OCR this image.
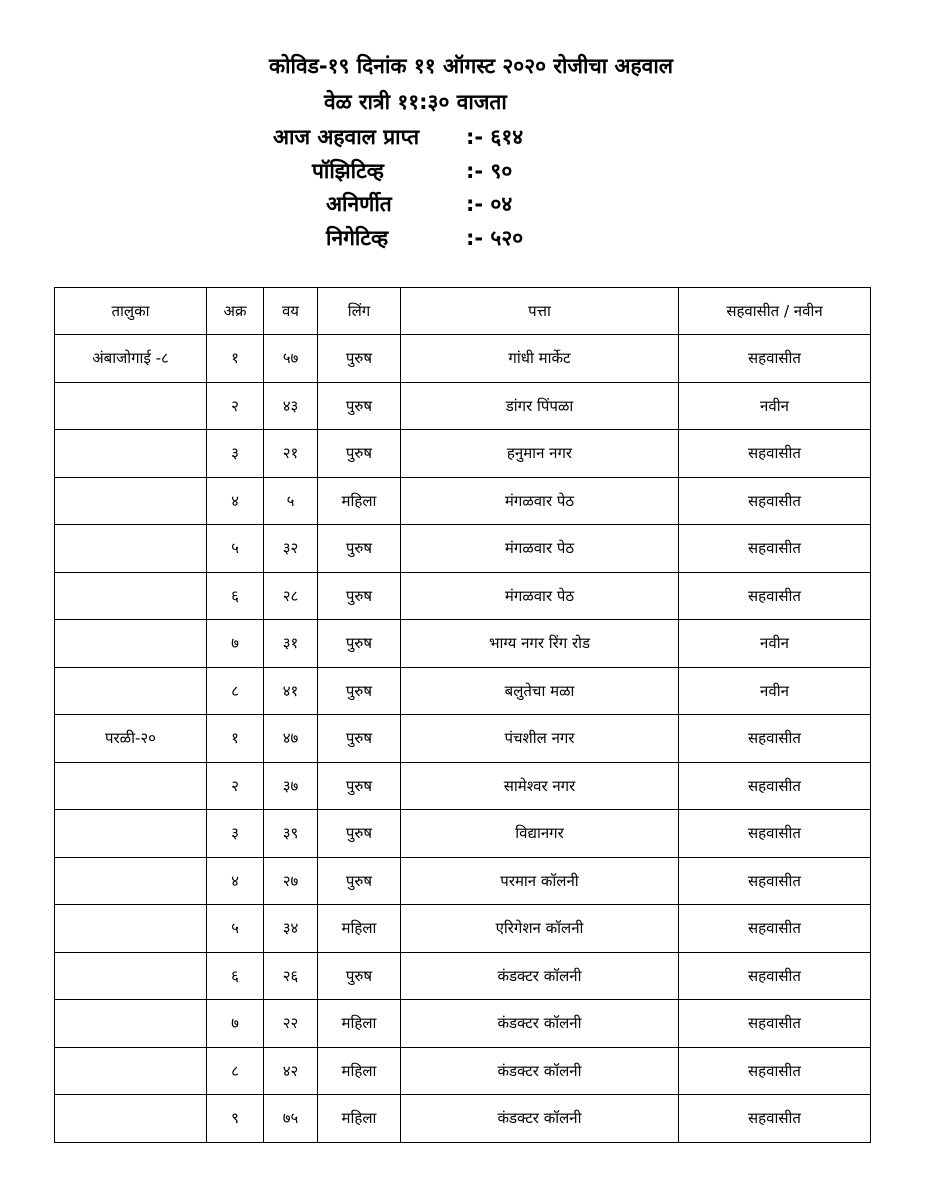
कोविड-१९ दिनांक ११ ऑगस्ट २०२० रोजीचा अहवाल
वेळ रात्री ११:३० वाजता
आज अहवाल प्राप्त :- ६१४
पॉझिटिव्ह	:- ९०
अनिर्णीत	:- ०४
निगेटिव्ह	:- ५२०
तालुका	अक्र	वय	लिंग	पत्ता	सहवासीत / नवीन
अंबाजोगाई -८	१	५७	पुरुष	गांधी मार्केट	सहवासीत
	२	४३	पुरुष	डांगर पिंपळा	नवीन
	३	२१	पुरुष	हनुमान नगर	सहवासीत
	४	५	महिला	मंगळवार पेठ	सहवासीत
	५	३२	पुरुष	मंगळवार पेठ	सहवासीत
	६	२८	पुरुष	मंगळवार पेठ	सहवासीत
	७	३१	पुरुष	भाग्य नगर रिंग रोड	नवीन
	८	४१	पुरुष	बलुतेचा मळा	नवीन
परळी-२०	१	४७	पुरुष	पंचशील नगर	सहवासीत
	२	३७	पुरुष	सामेश्वर नगर	सहवासीत
	३	३९	पुरुष	विद्यानगर	सहवासीत
	४	२७	पुरुष	परमान कॉलनी	सहवासीत
	५	३४	महिला	एरिगेशन कॉलनी	सहवासीत
	६	२६	पुरुष	कंडक्टर कॉलनी	सहवासीत
	७	२२	महिला	कंडक्टर कॉलनी	सहवासीत
	८	४२	महिला	कंडक्टर कॉलनी	सहवासीत
	९	७५	महिला	कंडक्टर कॉलनी	सहवासीत
